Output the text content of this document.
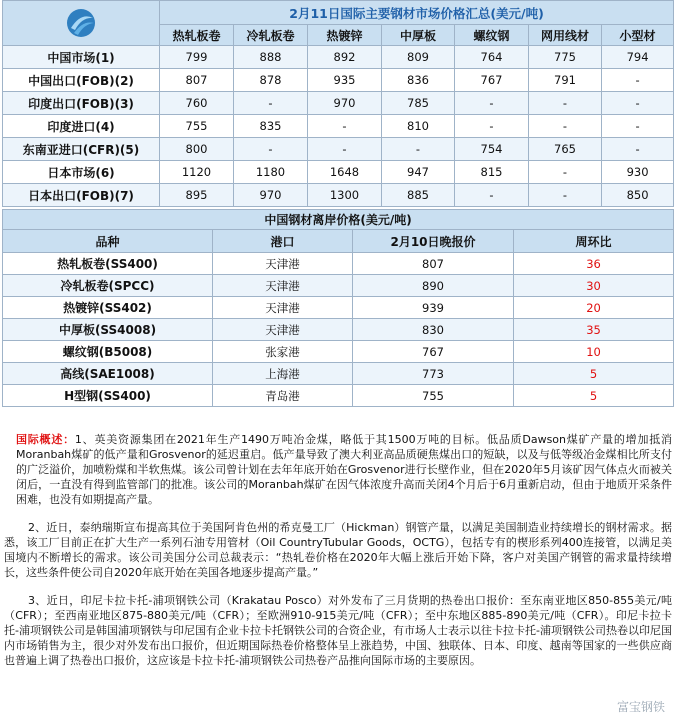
	2月11日国际主要钢材市场价格汇总(美元/吨)						
	热轧板卷	冷轧板卷	热镀锌	中厚板	螺纹钢	网用线材	小型材
中国市场(1)	799	888	892	809	764	775	794
中国出口(FOB)(2)	807	878	935	836	767	791	-
印度出口(FOB)(3)	760	-	970	785	-	-	-
印度进口(4)	755	835	-	810	-	-	-
东南亚进口(CFR)(5)	800	-	-	-	754	765	-
日本市场(6)	1120	1180	1648	947	815	-	930
日本出口(FOB)(7)	895	970	1300	885	-	-	850
中国钢材离岸价格(美元/吨)			
品种	港口	2月10日晚报价	周环比
热轧板卷(SS400)	天津港	807	36
冷轧板卷(SPCC)	天津港	890	30
热镀锌(SS402)	天津港	939	20
中厚板(SS4008)	天津港	830	35
螺纹钢(B5008)	张家港	767	10
高线(SAE1008)	上海港	773	5
H型钢(SS400)	青岛港	755	5

国际概述：1、英美资源集团在2021年生产1490万吨冶金煤，略低于其1500万吨的目标。低品质Dawson煤矿产量的增加抵消Moranbah煤矿的低产量和Grosvenor的延迟重启。低产量导致了澳大利亚高品质硬焦煤出口的短缺，以及与低等级冶金煤相比所支付的广泛溢价，加喷粉煤和半软焦煤。该公司曾计划在去年年底开始在Grosvenor进行长壁作业，但在2020年5月该矿因气体点火而被关闭后，一直没有得到监管部门的批准。该公司的Moranbah煤矿在因气体浓度升高而关闭4个月后于6月重新启动，但由于地质开采条件困难，也没有如期提高产量。

2、近日，泰纳瑞斯宣布提高其位于美国阿肯色州的希克曼工厂（Hickman）钢管产量，以满足美国制造业持续增长的钢材需求。据悉，该工厂目前正在扩大生产一系列石油专用管材（Oil CountryTubular Goods，OCTG），包括专有的楔形系列400连接管，以满足美国境内不断增长的需求。该公司美国分公司总裁表示：“热轧卷价格在2020年大幅上涨后开始下降，客户对美国产钢管的需求量持续增长，这些条件使公司自2020年底开始在美国各地逐步提高产量。”

3、近日，印尼卡拉卡托-浦项钢铁公司（Krakatau Posco）对外发布了三月货期的热卷出口报价：至东南亚地区850-855美元/吨（CFR）；至西南亚地区875-880美元/吨（CFR）；至欧洲910-915美元/吨（CFR）；至中东地区885-890美元/吨（CFR）。印尼卡拉卡托-浦项钢铁公司是韩国浦项钢铁与印尼国有企业卡拉卡托钢铁公司的合资企业，有市场人士表示以往卡拉卡托-浦项钢铁公司热卷以印尼国内市场销售为主，很少对外发布出口报价，但近期国际热卷价格整体呈上涨趋势，中国、独联体、日本、印度、越南等国家的一些供应商也普遍上调了热卷出口报价，这应该是卡拉卡托-浦项钢铁公司热卷产品推向国际市场的主要原因。

富宝钢铁
